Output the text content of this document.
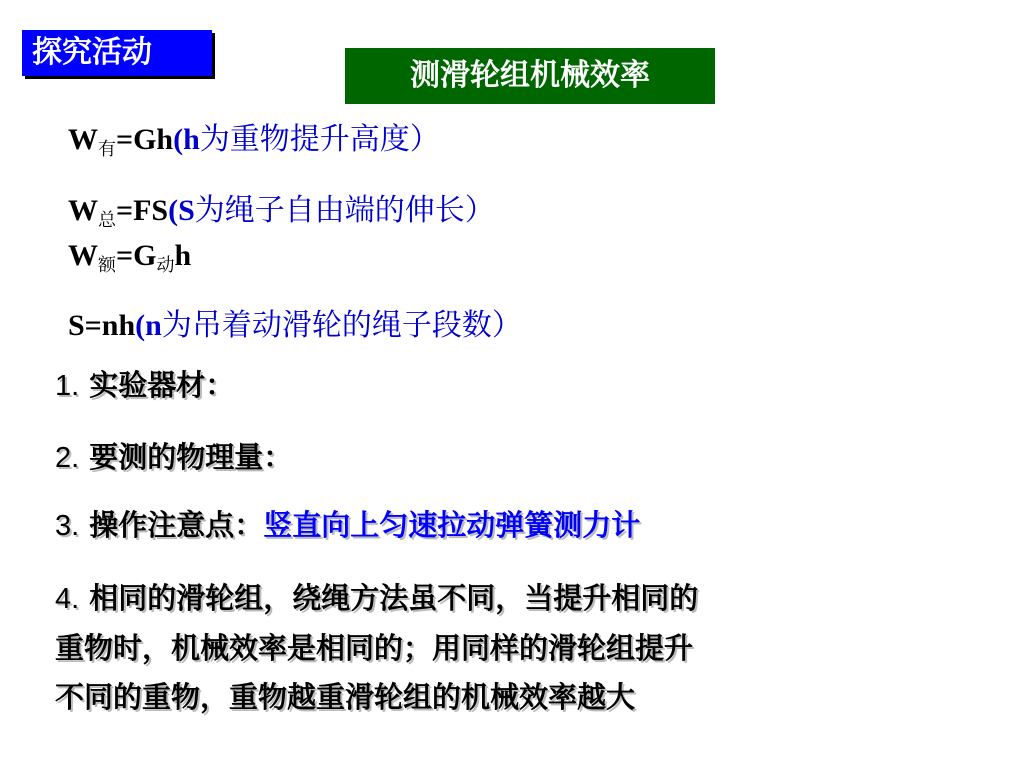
探究活动
测滑轮组机械效率
$W_有=Gh(h$为重物提升高度）
$W_总=FS(S$为绳子自由端的伸长）
$W_额=G_动h$
S=nh(n为吊着动滑轮的绳子段数）
1. 实验器材：
2. 要测的物理量：
3. 操作注意点：竖直向上匀速拉动弹簧测力计
4. 相同的滑轮组，绕绳方法虽不同，当提升相同的
重物时，机械效率是相同的；用同样的滑轮组提升
不同的重物，重物越重滑轮组的机械效率越大
